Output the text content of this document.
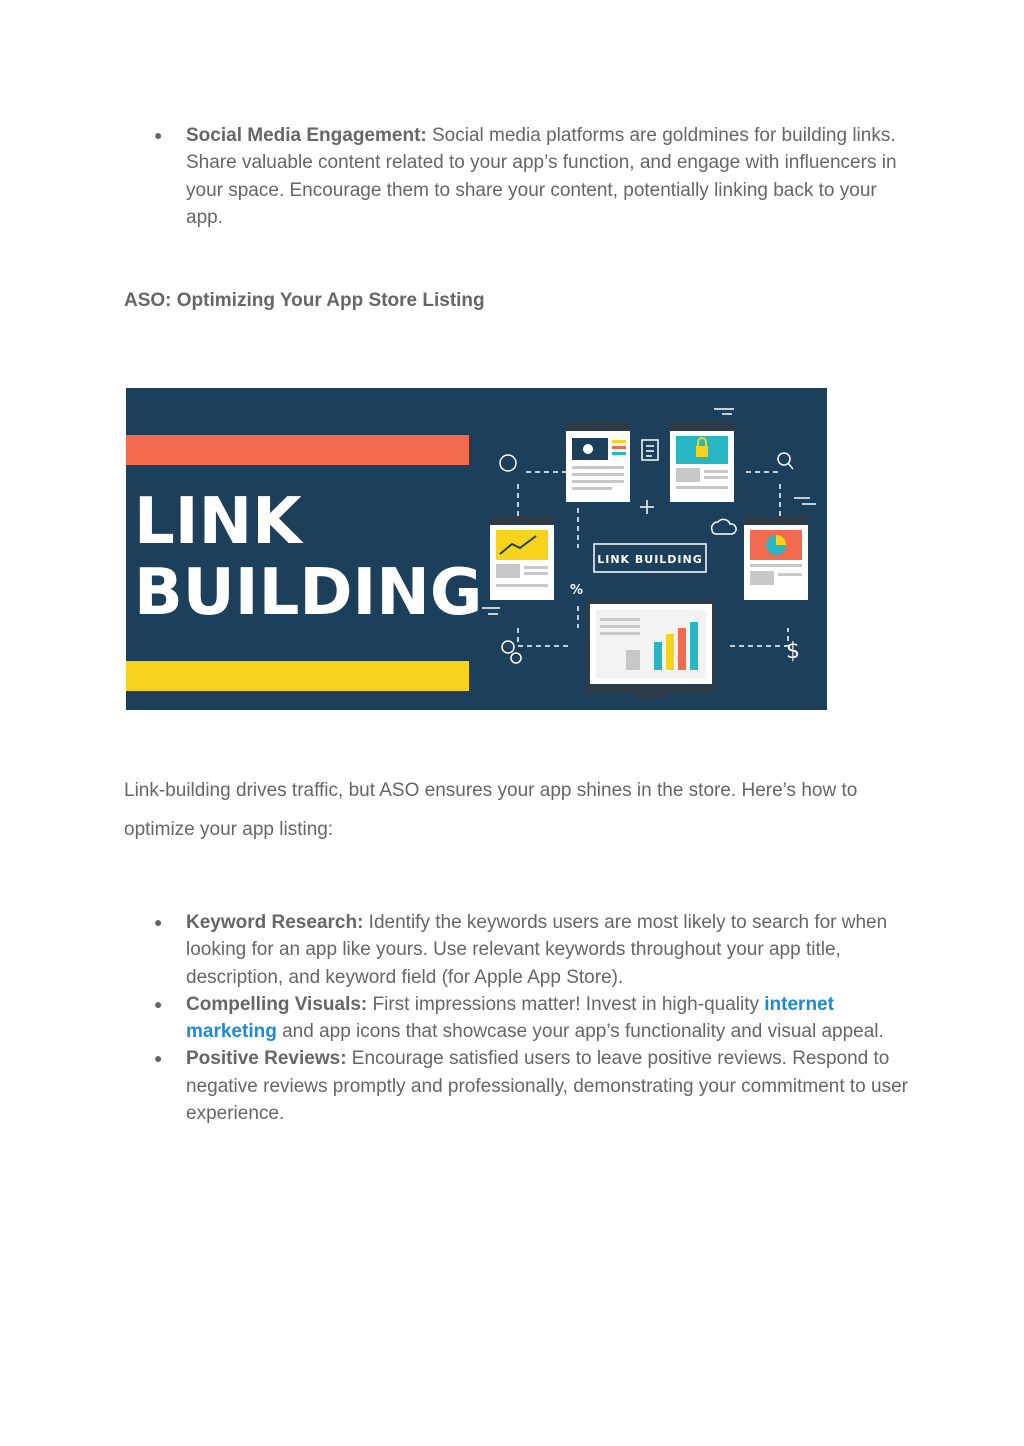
● Social Media Engagement: Social media platforms are goldmines for building links. Share valuable content related to your app’s function, and engage with influencers in your space. Encourage them to share your content, potentially linking back to your app.
ASO: Optimizing Your App Store Listing
LINK
BUILDING	LINK BUILDING
%
$

Link-building drives traffic, but ASO ensures your app shines in the store. Here’s how to optimize your app listing:

● Keyword Research: Identify the keywords users are most likely to search for when looking for an app like yours. Use relevant keywords throughout your app title, description, and keyword field (for Apple App Store).
● Compelling Visuals: First impressions matter! Invest in high-quality internet marketing and app icons that showcase your app’s functionality and visual appeal.
● Positive Reviews: Encourage satisfied users to leave positive reviews. Respond to negative reviews promptly and professionally, demonstrating your commitment to user experience.
